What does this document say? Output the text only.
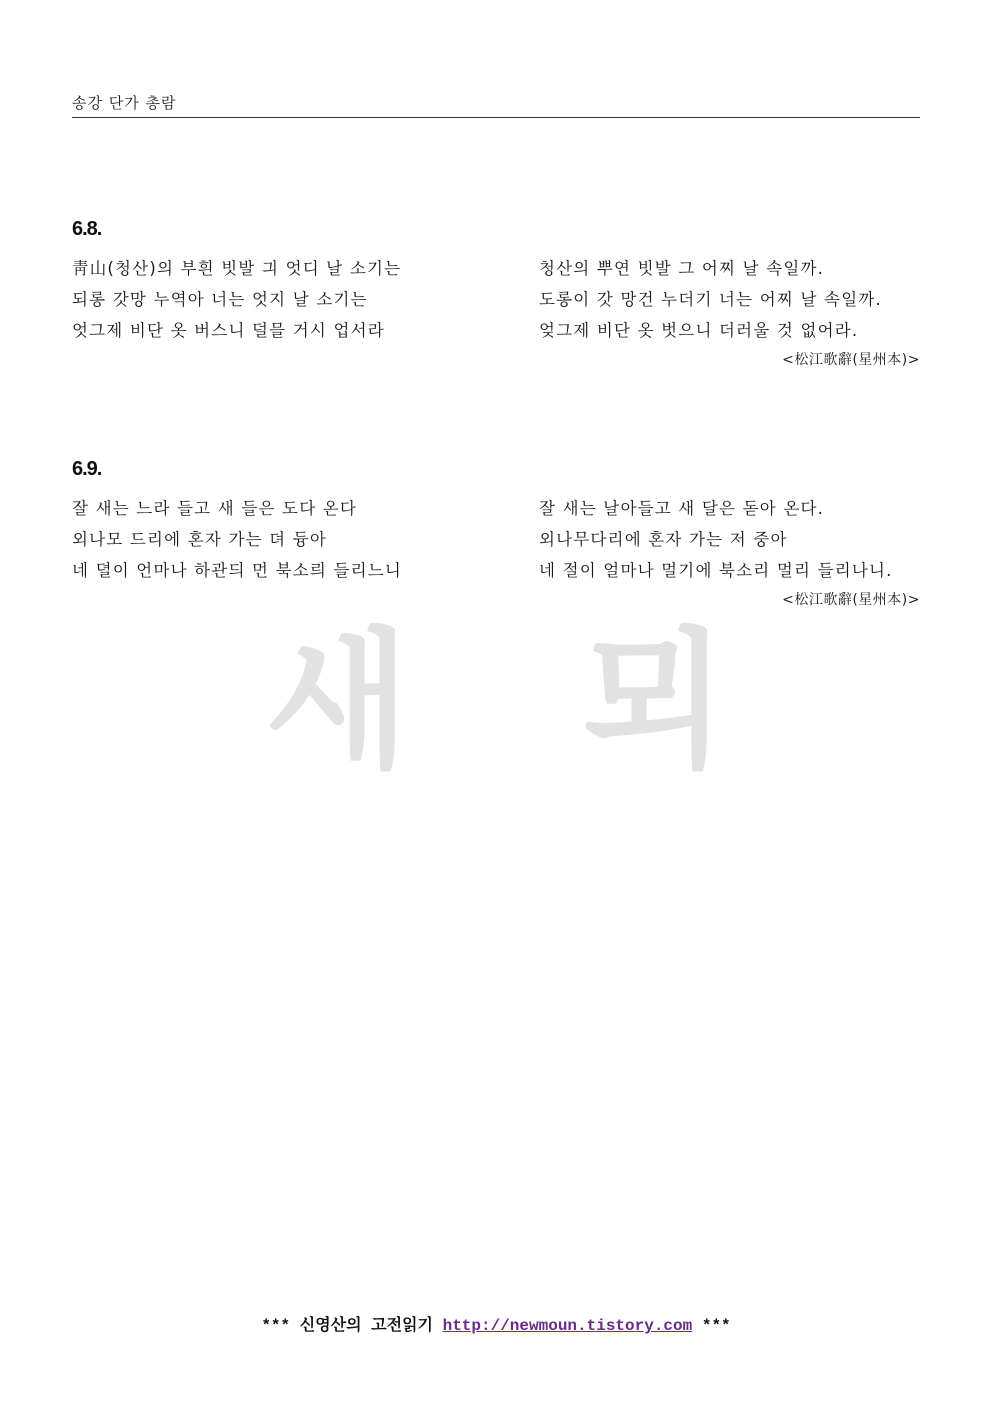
송강 단가 총람
6.8.
靑山(청산)의 부흰 빗발 긔 엇디 날 소기는
되롱 갓망 누역아 너는 엇지 날 소기는
엇그제 비단 옷 버스니 덜믈 거시 업서라
청산의 뿌연 빗발 그 어찌 날 속일까.
도롱이 갓 망건 누더기 너는 어찌 날 속일까.
엊그제 비단 옷 벗으니 더러울 것 없어라.
<松江歌辭(星州本)>
6.9.
잘 새는 느라 들고 새 들은 도다 온다
외나모 드리에 혼자 가는 뎌 듕아
네 뎔이 언마나 하관듸 먼 북소릐 들리느니
잘 새는 날아들고 새 달은 돋아 온다.
외나무다리에 혼자 가는 저 중아
네 절이 얼마나 멀기에 북소리 멀리 들리나니.
<松江歌辭(星州本)>
새 뫼
*** 신영산의 고전읽기 http://newmoun.tistory.com ***
